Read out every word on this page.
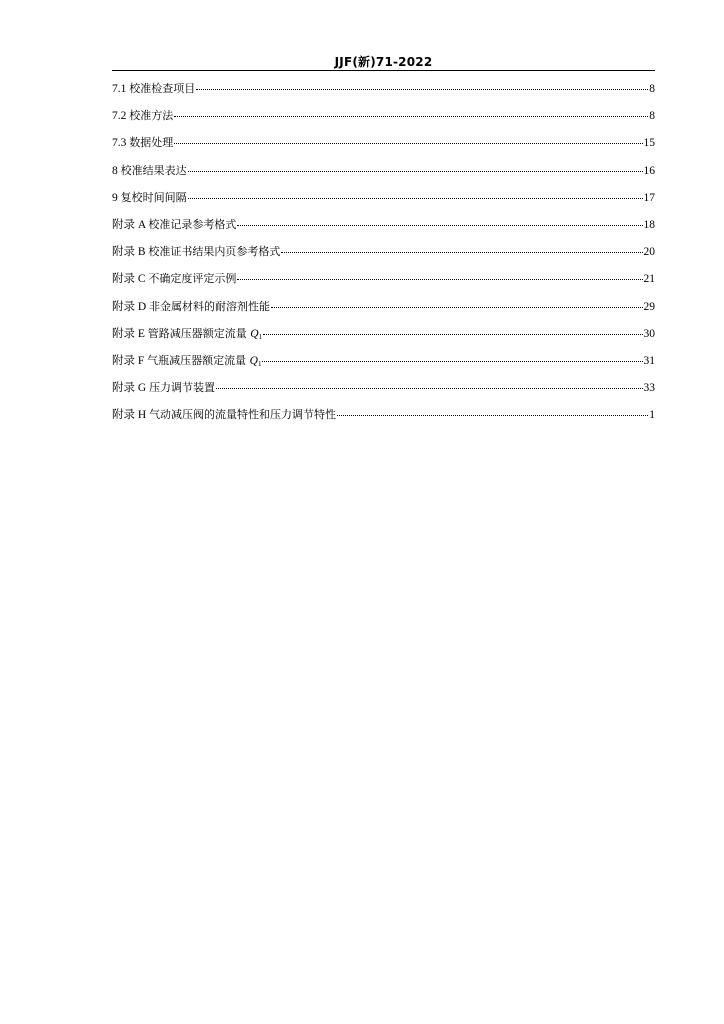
JJF(新)71-2022
7.1 校准检查项目	8
7.2 校准方法	8
7.3 数据处理	15
8 校准结果表达	16
9 复校时间间隔	17
附录 A 校准记录参考格式	18
附录 B 校准证书结果内页参考格式	20
附录 C 不确定度评定示例	21
附录 D 非金属材料的耐溶剂性能	29
附录 E 管路减压器额定流量 $Q_1$	30
附录 F 气瓶减压器额定流量 $Q_1$	31
附录 G 压力调节装置	33
附录 H 气动减压阀的流量特性和压力调节特性	1
